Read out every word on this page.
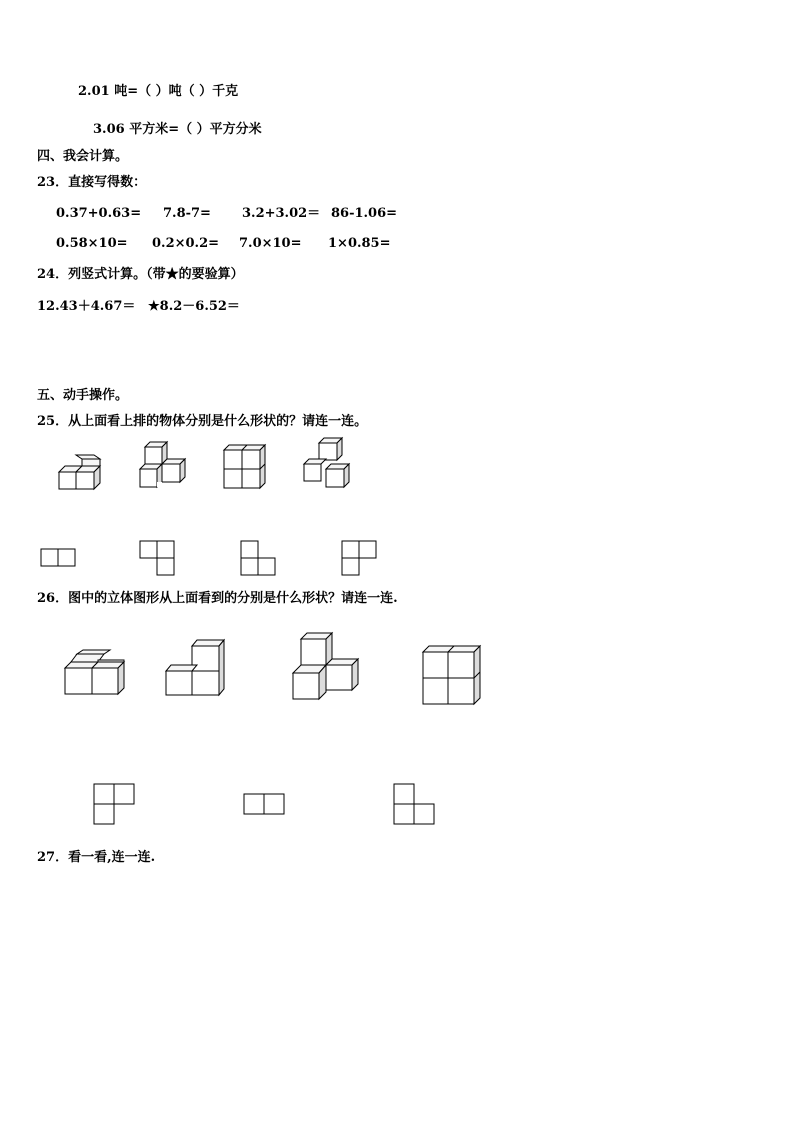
2.01 吨=（ ）吨（ ）千克
3.06 平方米=（ ）平方分米
四、我会计算。
23．直接写得数：
0.37+0.63= 7.8-7= 3.2+3.02＝ 86-1.06=
0.58×10= 0.2×0.2= 7.0×10= 1×0.85=
24．列竖式计算。（带★的要验算）
12.43＋4.67＝ ★8.2－6.52＝
五、动手操作。
25．从上面看上排的物体分别是什么形状的？请连一连。
26．图中的立体图形从上面看到的分别是什么形状？请连一连.
27．看一看,连一连.
